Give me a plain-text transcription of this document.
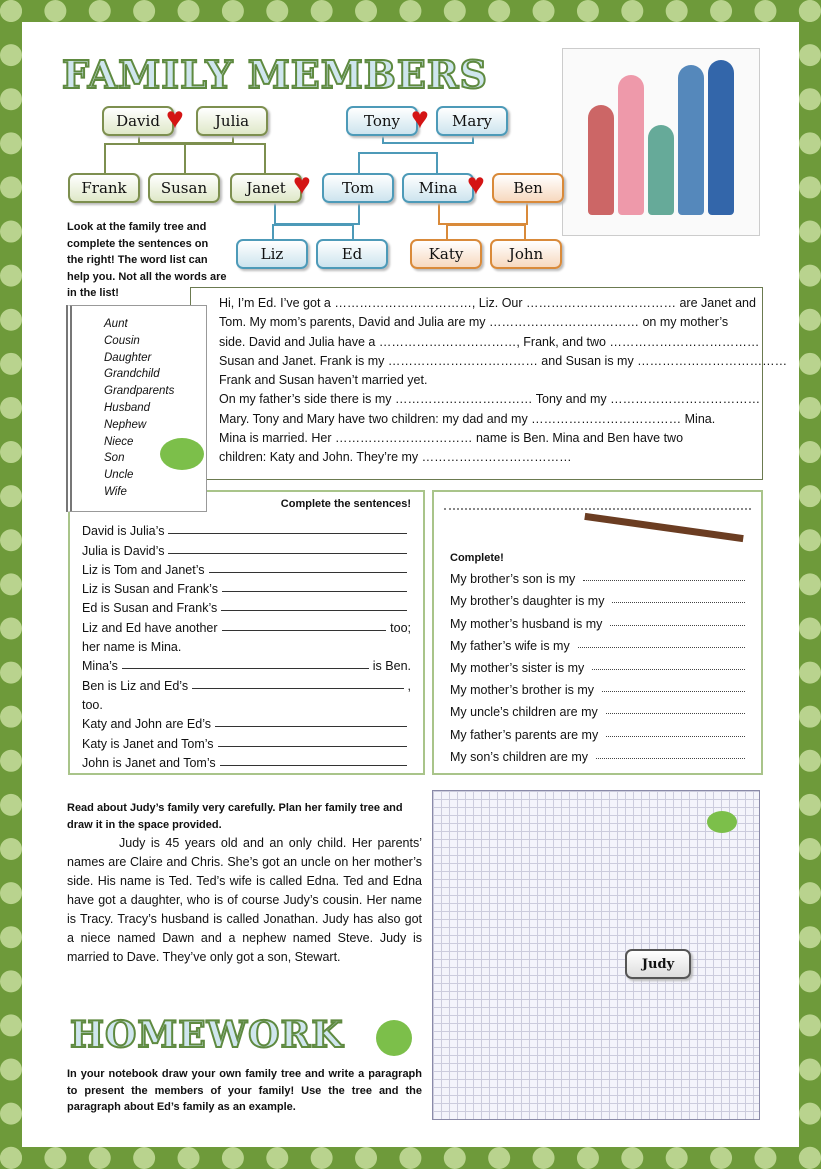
FAMILY MEMBERS
David	Julia	Tony	Mary
Frank	Susan	Janet	Tom	Mina	Ben
Liz	Ed	Katy	John
♥	♥
♥	♥
Look at the family tree and complete the sentences on the right! The word list can help you. Not all the words are in the list!
Hi, I’m Ed. I’ve got a ……………………………, Liz. Our ……………………………… are Janet and
Tom. My mom’s parents, David and Julia are my ……………………………… on my mother’s
side. David and Julia have a ……………………………, Frank, and two ………………………………
Susan and Janet. Frank is my ……………………………… and Susan is my ………………………………
Frank and Susan haven’t married yet.
On my father’s side there is my …………………………… Tony and my ………………………………
Mary. Tony and Mary have two children: my dad and my ……………………………… Mina.
Mina is married. Her …………………………… name is Ben. Mina and Ben have two
children: Katy and John. They’re my ………………………………
Aunt
Cousin
Daughter
Grandchild
Grandparents
Husband
Nephew
Niece
Son
Uncle
Wife
Complete the sentences!
David is Julia’s
Julia is David’s
Liz is Tom and Janet’s
Liz is Susan and Frank’s
Ed is Susan and Frank’s
Liz and Ed have another	too;
her name is Mina.
Mina’s	is Ben.
Ben is Liz and Ed’s	,
too.
Katy and John are Ed’s
Katy is Janet and Tom’s
John is Janet and Tom’s
Complete!
My brother’s son is my
My brother’s daughter is my
My mother’s husband is my
My father’s wife is my
My mother’s sister is my
My mother’s brother is my
My uncle’s children are my
My father’s parents are my
My son’s children are my
Read about Judy’s family very carefully. Plan her family tree and draw it in the space provided.
Judy is 45 years old and an only child. Her parents’ names are Claire and Chris. She’s got an uncle on her mother’s side. His name is Ted. Ted’s wife is called Edna. Ted and Edna have got a daughter, who is of course Judy’s cousin. Her name is Tracy. Tracy’s husband is called Jonathan. Judy has also got a niece named Dawn and a nephew named Steve. Judy is married to Dave. They’ve only got a son, Stewart.
HOMEWORK
In your notebook draw your own family tree and write a paragraph to present the members of your family! Use the tree and the paragraph about Ed’s family as an example.
Judy
